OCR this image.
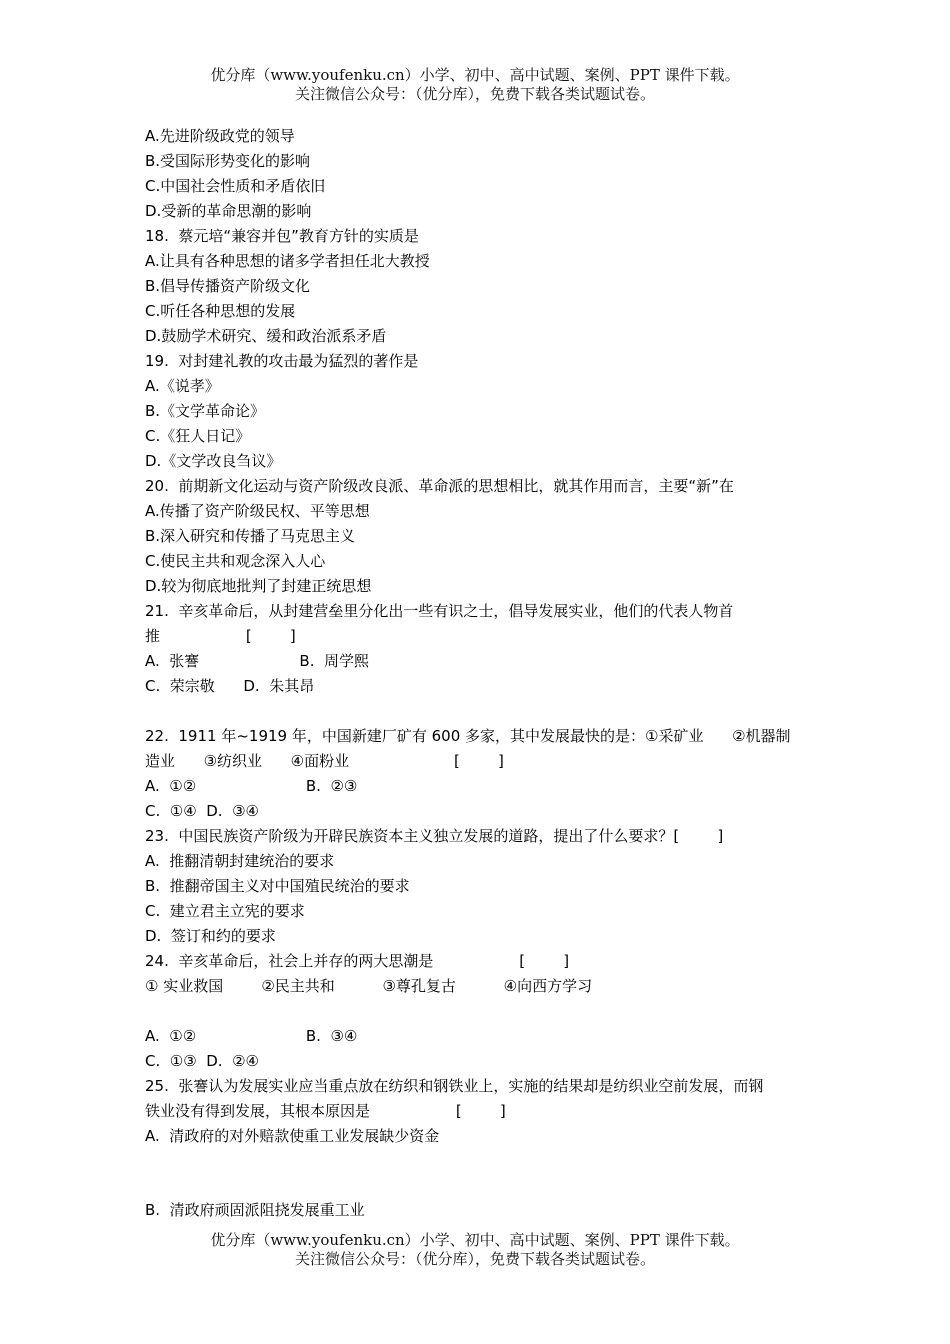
优分库（www.youfenku.cn）小学、初中、高中试题、案例、PPT 课件下载。
关注微信公众号：（优分库），免费下载各类试题试卷。
A.先进阶级政党的领导
B.受国际形势变化的影响
C.中国社会性质和矛盾依旧
D.受新的革命思潮的影响
18.  蔡元培“兼容并包”教育方针的实质是
A.让具有各种思想的诸多学者担任北大教授
B.倡导传播资产阶级文化
C.听任各种思想的发展
D.鼓励学术研究、缓和政治派系矛盾
19.  对封建礼教的攻击最为猛烈的著作是
A.《说孝》
B.《文学革命论》
C.《狂人日记》
D.《文学改良刍议》
20.  前期新文化运动与资产阶级改良派、革命派的思想相比，就其作用而言，主要“新”在
A.传播了资产阶级民权、平等思想
B.深入研究和传播了马克思主义
C.使民主共和观念深入人心
D.较为彻底地批判了封建正统思想
21.  辛亥革命后，从封建营垒里分化出一些有识之士，倡导发展实业，他们的代表人物首
推                  [        ]
A.  张謇                     B.  周学熙
C.  荣宗敬      D.  朱其昂
22.  1911 年~1919 年，中国新建厂矿有 600 多家，其中发展最快的是：①采矿业      ②机器制
造业      ③纺织业      ④面粉业                      [        ]
A.  ①②                       B.  ②③
C.  ①④  D.  ③④
23.  中国民族资产阶级为开辟民族资本主义独立发展的道路，提出了什么要求？[        ]
A.  推翻清朝封建统治的要求
B.  推翻帝国主义对中国殖民统治的要求
C.  建立君主立宪的要求
D.  签订和约的要求
24.  辛亥革命后，社会上并存的两大思潮是                  [        ]
① 实业救国        ②民主共和          ③尊孔复古          ④向西方学习
A.  ①②                       B.  ③④
C.  ①③  D.  ②④
25.  张謇认为发展实业应当重点放在纺织和钢铁业上，实施的结果却是纺织业空前发展，而钢
铁业没有得到发展，其根本原因是                  [        ]
A.  清政府的对外赔款使重工业发展缺少资金
B.  清政府顽固派阻挠发展重工业
优分库（www.youfenku.cn）小学、初中、高中试题、案例、PPT 课件下载。
关注微信公众号：（优分库），免费下载各类试题试卷。
